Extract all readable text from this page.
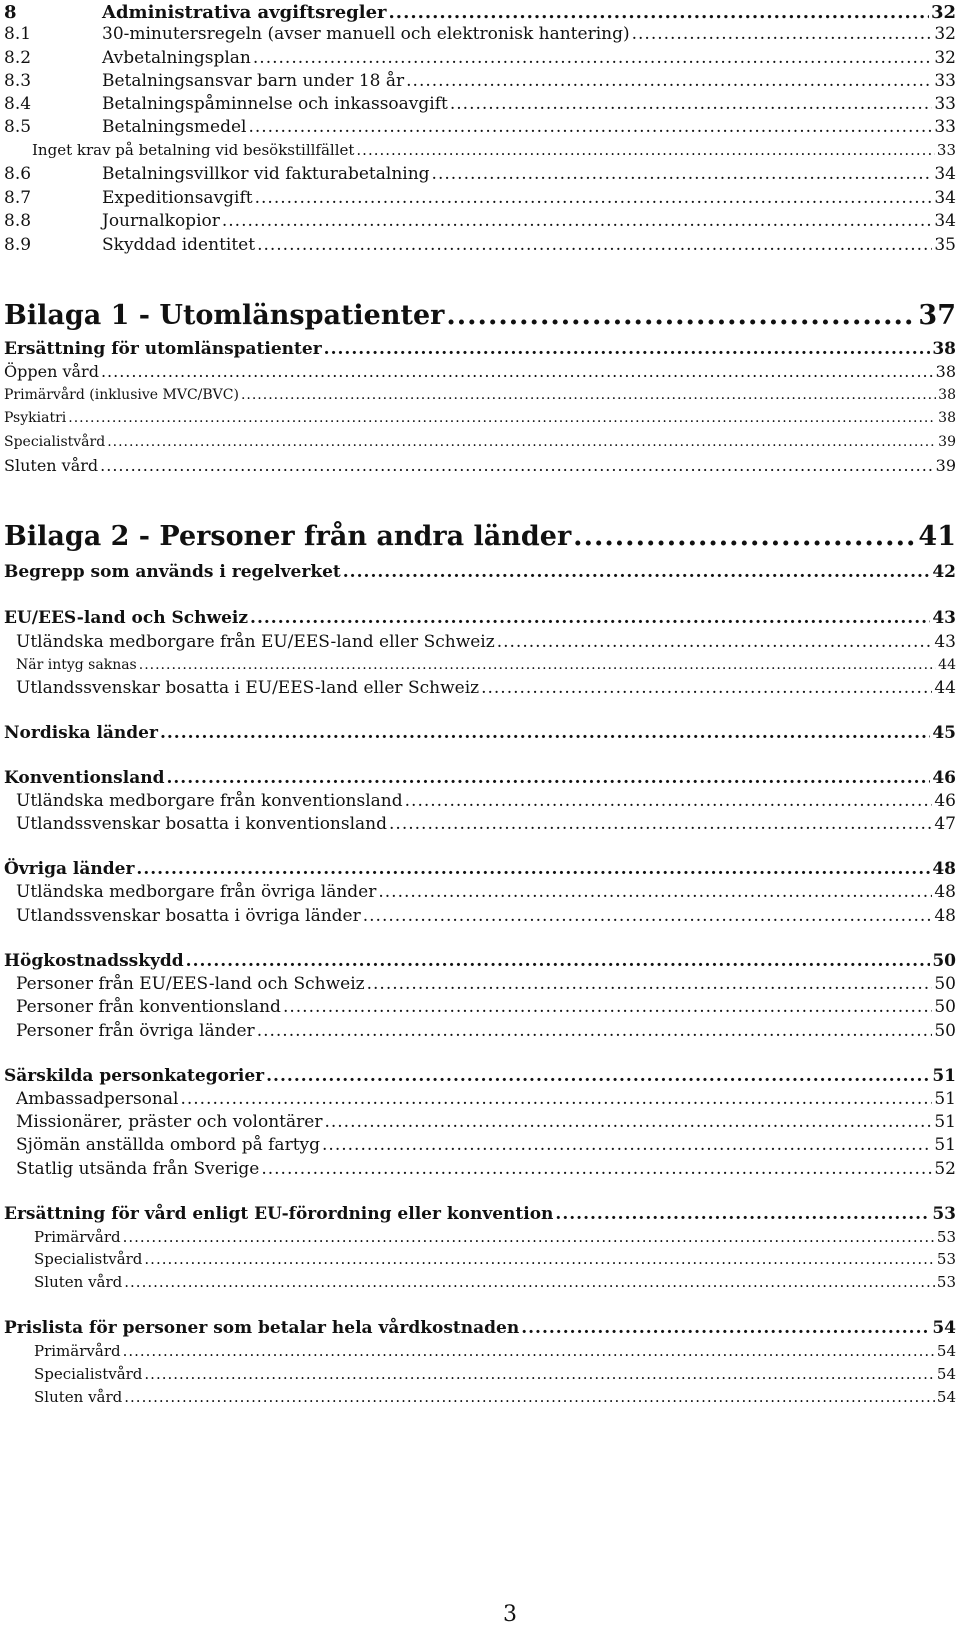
8	Administrativa avgiftsregler .....	32
8.1	30-minutersregeln (avser manuell och elektronisk hantering) .....	32
8.2	Avbetalningsplan .....	32
8.3	Betalningsansvar barn under 18 år .....	33
8.4	Betalningspåminnelse och inkassoavgift .....	33
8.5	Betalningsmedel .....	33
Inget krav på betalning vid besökstillfället .....	33
8.6	Betalningsvillkor vid fakturabetalning .....	34
8.7	Expeditionsavgift .....	34
8.8	Journalkopior .....	34
8.9	Skyddad identitet .....	35
Bilaga 1 - Utomlänspatienter .....	37
Ersättning för utomlänspatienter .....	38
Öppen vård .....	38
Primärvård (inklusive MVC/BVC) .....	38
Psykiatri .....	38
Specialistvård .....	39
Sluten vård .....	39
Bilaga 2 - Personer från andra länder .....	41
Begrepp som används i regelverket .....	42
EU/EES-land och Schweiz .....	43
Utländska medborgare från EU/EES-land eller Schweiz .....	43
När intyg saknas .....	44
Utlandssvenskar bosatta i EU/EES-land eller Schweiz .....	44
Nordiska länder .....	45
Konventionsland .....	46
Utländska medborgare från konventionsland .....	46
Utlandssvenskar bosatta i konventionsland .....	47
Övriga länder .....	48
Utländska medborgare från övriga länder .....	48
Utlandssvenskar bosatta i övriga länder .....	48
Högkostnadsskydd .....	50
Personer från EU/EES-land och Schweiz .....	50
Personer från konventionsland .....	50
Personer från övriga länder .....	50
Särskilda personkategorier .....	51
Ambassadpersonal .....	51
Missionärer, präster och volontärer .....	51
Sjömän anställda ombord på fartyg .....	51
Statlig utsända från Sverige .....	52
Ersättning för vård enligt EU-förordning eller konvention .....	53
Primärvård .....	53
Specialistvård .....	53
Sluten vård .....	53
Prislista för personer som betalar hela vårdkostnaden .....	54
Primärvård .....	54
Specialistvård .....	54
Sluten vård .....	54
3
